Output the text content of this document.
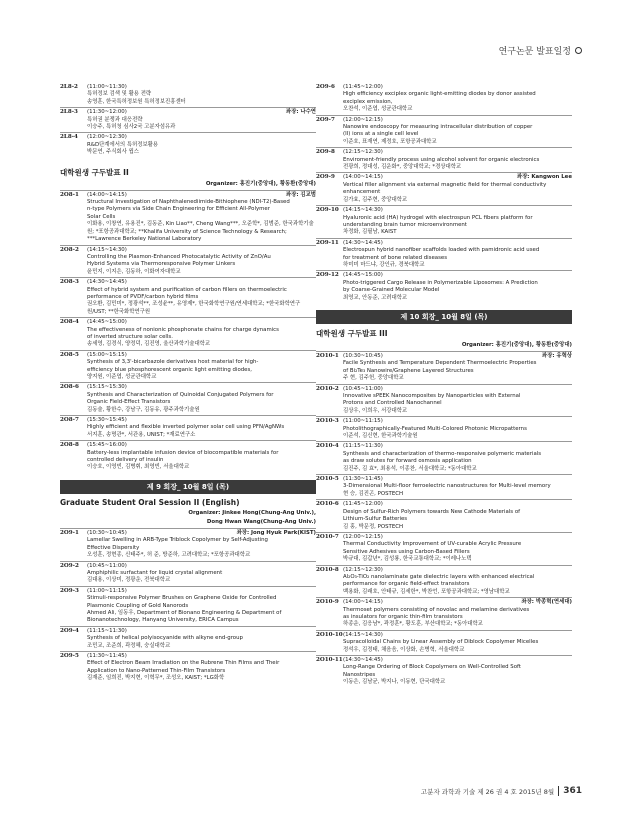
연구논문 발표일정
2L8-2	(11:00~11:30)
특허정보 검색 및 활용 전략
송영훈, 한국특허정보원 특허정보진흥센터
2L8-3	(11:30~12:00)	좌장: 나수연
특허권 분쟁과 대응전략
이승주, 특허청 심사2국 고분자섬유과
2L8-4	(12:00~12:30)
R&D단계에서의 특허정보활용
박문연, 주식회사 윕스
대학원생 구두발표 II
Organizer: 홍진기(중앙대), 황동환(중앙대)
2O8-1	(14:00~14:15)	좌장: 김교범
Structural Investigation of Naphthalenediimide-Bithiophene (NDI-T2)-Based
n-type Polymers via Side Chain Engineering for Efficient All-Polymer
Solar Cells
이화용, 이창연, 유용진*, 김동준, Kin Liao**, Cheng Wang***, 오준학*, 김범준, 한국과학기술원; *포항공과대학교; **Khalifa University of Science Technology & Research; ***Lawrence Berkeley National Laboratory
2O8-2	(14:15~14:30)
Controlling the Plasmon-Enhanced Photocatalytic Activity of ZnO/Au
Hybrid Systems via Thermoresponsive Polymer Linkers
윤민지, 이지은, 김동하, 이화여자대학교
2O8-3	(14:30~14:45)
Effect of hybrid system and purification of carbon fillers on thermoelectric
performance of PVDF/carbon hybrid films
권오환, 김민미*, 정광석**, 조성윤**, 유영제*, 한국화학연구원/연세대학교; *한국화학연구원/UST; **한국화학연구원
2O8-4	(14:45~15:00)
The effectiveness of nonionic phosphonate chains for charge dynamics
of inverted structure solar cells.
송세영, 김경식, 양정덕, 김진영, 울산과학기술대학교
2O8-5	(15:00~15:15)
Synthesis of 3,3'-bicarbazole derivatives host material for high-
efficiency blue phosphorescent organic light emitting diodes,
양지원, 이준엽, 성균관대학교
2O8-6	(15:15~15:30)
Synthesis and Characterization of Quinoidal Conjugated Polymers for
Organic Field-Effect Transistors
김동술, 황한수, 강남구, 김동유, 광주과학기술원
2O8-7	(15:30~15:45)
Highly efficient and flexible inverted polymer solar cell using PFN/AgNWs
서지훈, 송명관*, 서관용, UNIST; *재료연구소
2O8-8	(15:45~16:00)
Battery-less implantable infusion device of biocompatible materials for
controlled delivery of insulin
이승호, 이영빈, 김병휘, 최영빈, 서울대학교
제 9 회장_ 10월 8일 (목)
Graduate Student Oral Session II (English)
Organizer: Jinkee Hong(Chung-Ang Univ.),
Dong Hwan Wang(Chung-Ang Univ.)
2O9-1	(10:30~10:45)	좌장: Jong Hyuk Park(KIST)
Lamellar Swelling in ARB-Type Triblock Copolymer by Self-Adjusting
Effective Dispersity
오성훈, 정현종, 신태주*, 허 준, 방준하, 고려대학교; *포항공과대학교
2O9-2	(10:45~11:00)
Amphiphilic surfactant for liquid crystal alignment
김대용, 이상미, 정광운, 전북대학교
2O9-3	(11:00~11:15)
Stimuli-responsive Polymer Brushes on Graphene Oxide for Controlled
Plasmonic Coupling of Gold Nanorods
Ahmed Ali, 임동우, Department of Bionano Engineering & Department of Bionanotechnology, Hanyang University, ERICA Campus
2O9-4	(11:15~11:30)
Synthesis of helical polyisocyanide with alkyne end-group
조민교, 조준희, 곽정혜, 숭실대학교
2O9-5	(11:30~11:45)
Effect of Electron Beam Irradiation on the Rubrene Thin Films and Their
Application to Nano-Patterned Thin-Film Transistors
김재준, 임희진, 박지현, 이혁무*, 조성오, KAIST; *LG화학
2O9-6	(11:45~12:00)
High efficiency exciplex organic light-emitting diodes by donor assisted
exciplex emission,
오찬석, 이준엽, 성균관대학교
2O9-7	(12:00~12:15)
Nanowire endoscopy for measuring intracellular distribution of copper
(II) ions at a single cell level
이준호, 표재연, 제정호, 포항공과대학교
2O9-8	(12:15~12:30)
Enviroment-friendly process using alcohol solvent for organic electronics
전광희, 정대성, 김운화*, 중앙대학교; *경상대학교
2O9-9	(14:00~14:15)	좌장: Kangwon Lee
Vertical filler alignment via external magnetic field for thermal conductivity
enhancement
김가효, 김주현, 중앙대학교
2O9-10 (14:15~14:30)
Hyaluronic acid (HA) hydrogel with electrospun PCL fibers platform for
understanding brain tumor microenvironment
차정화, 김필남, KAIST
2O9-11 (14:30~14:45)
Electrospun hybrid nanofiber scaffolds loaded with pamidronic acid used
for treatment of bone related diseases
하미미 마드냐, 강인규, 경북대학교
2O9-12 (14:45~15:00)
Photo-triggered Cargo Release in Polymerizable Liposomes: A Prediction
by Coarse-Grained Molecular Model
최영교, 안동준, 고려대학교
제 10 회장_ 10월 8일 (목)
대학원생 구두발표 III
Organizer: 홍진기(중앙대), 황동환(중앙대)
2O10-1 (10:30~10:45)	좌장: 유혁상
Facile Synthesis and Temperature Dependent Thermoelectric Properties
of Bi₂Te₃ Nanowire/Graphene Layered Structures
주 현, 김주헌, 중앙대학교
2O10-2 (10:45~11:00)
Innovative sPEEK Nanocomposites by Nanoparticles with External
Protons and Controlled Nanochannel
김상우, 이희우, 서강대학교
2O10-3 (11:00~11:15)
Photolithographically-Featured Multi-Colored Photonic Micropatterns
이준석, 김신현, 한국과학기술원
2O10-4 (11:15~11:30)
Synthesis and characterization of thermo-responsive polymeric materials
as draw solutes for forward osmosis application
김진주, 김 효*, 최용석, 이종찬, 서울대학교; *동아대학교
2O10-5 (11:30~11:45)
3-Dimensional Multi-floor ferroelectric nanostructures for Multi-level memory
현 승, 김진곤, POSTECH
2O10-6 (11:45~12:00)
Design of Sulfur-Rich Polymers towards New Cathode Materials of
Lithium-Sulfur Batteries
김 홍, 박문정, POSTECH
2O10-7 (12:00~12:15)
Thermal Conductivity Improvement of UV-curable Acrylic Pressure
Sensitive Adhesives using Carbon-Based Fillers
박규대, 김갑년*, 김성룡, 한국교통대학교; *이레나노텍
2O10-8 (12:15~12:30)
Al₂O₃-TiO₂ nanolaminate gate dielectric layers with enhanced electrical
performance for organic field-effect transistors
백용화, 김래호, 안태규, 김세한*, 박찬언, 포항공과대학교; *영남대학교
2O10-9 (14:00~14:15)	좌장: 박종혁(연세대)
Thermoset polymers consisting of novolac and melamine derivatives
as insulators for organic thin-film transistors
하종운, 김응남*, 곽정훈*, 황도훈, 부산대학교; *동아대학교
2O10-10 (14:15~14:30)
Supracolloidal Chains by Linear Assembly of Diblock Copolymer Micelles
정석우, 김정태, 채음음, 이상화, 손병혁, 서울대학교
2O10-11 (14:30~14:45)
Long-Range Ordering of Block Copolymers on Well-Controlled Soft
Nanostripes
이동은, 김남균, 박지나, 이동현, 단국대학교
고분자 과학과 기술 제 26 권 4 호 2015년 8월	361
